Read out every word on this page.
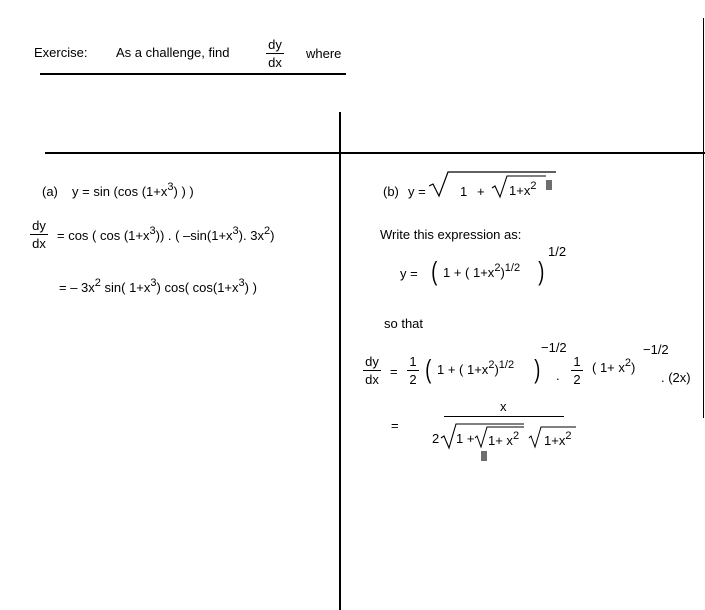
Exercise: As a challenge, find
dy
dx
where
(a) y = sin (cos $(1+x^3)$ ) )
dy
dx
= cos ( $\cos (1+x^3)$) . ( $-\sin(1+x^3)$. $3x^2$)
= – $3x^2$ sin( $1+x^3$) cos( $\cos(1+x^3)$ )
(b) y =	$1 + 1+x^2$
Write this expression as:
1/2
y = ( 1 + ( $1+x^2)^{1/2}$ )
so that
dy
dx
=
1
2 ( 1 + ( $1+x^2)^{1/2}$ )
−1/2
.
1
2
( $1+ x^2$)
−1/2
. (2x)
=
x
2 $1 + 1+ x^2$ $1+x^2$
